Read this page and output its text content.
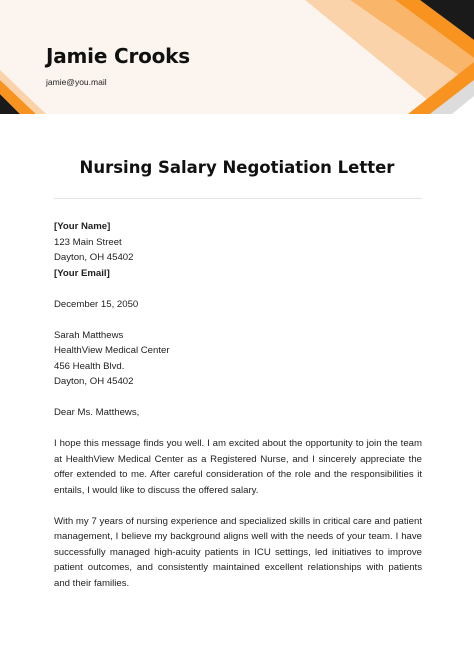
Jamie Crooks
jamie@you.mail
Nursing Salary Negotiation Letter
[Your Name]
123 Main Street
Dayton, OH 45402
[Your Email]
December 15, 2050
Sarah Matthews
HealthView Medical Center
456 Health Blvd.
Dayton, OH 45402
Dear Ms. Matthews,

I hope this message finds you well. I am excited about the opportunity to join the team at HealthView Medical Center as a Registered Nurse, and I sincerely appreciate the offer extended to me. After careful consideration of the role and the responsibilities it entails, I would like to discuss the offered salary.

With my 7 years of nursing experience and specialized skills in critical care and patient management, I believe my background aligns well with the needs of your team. I have successfully managed high-acuity patients in ICU settings, led initiatives to improve patient outcomes, and consistently maintained excellent relationships with patients and their families.
